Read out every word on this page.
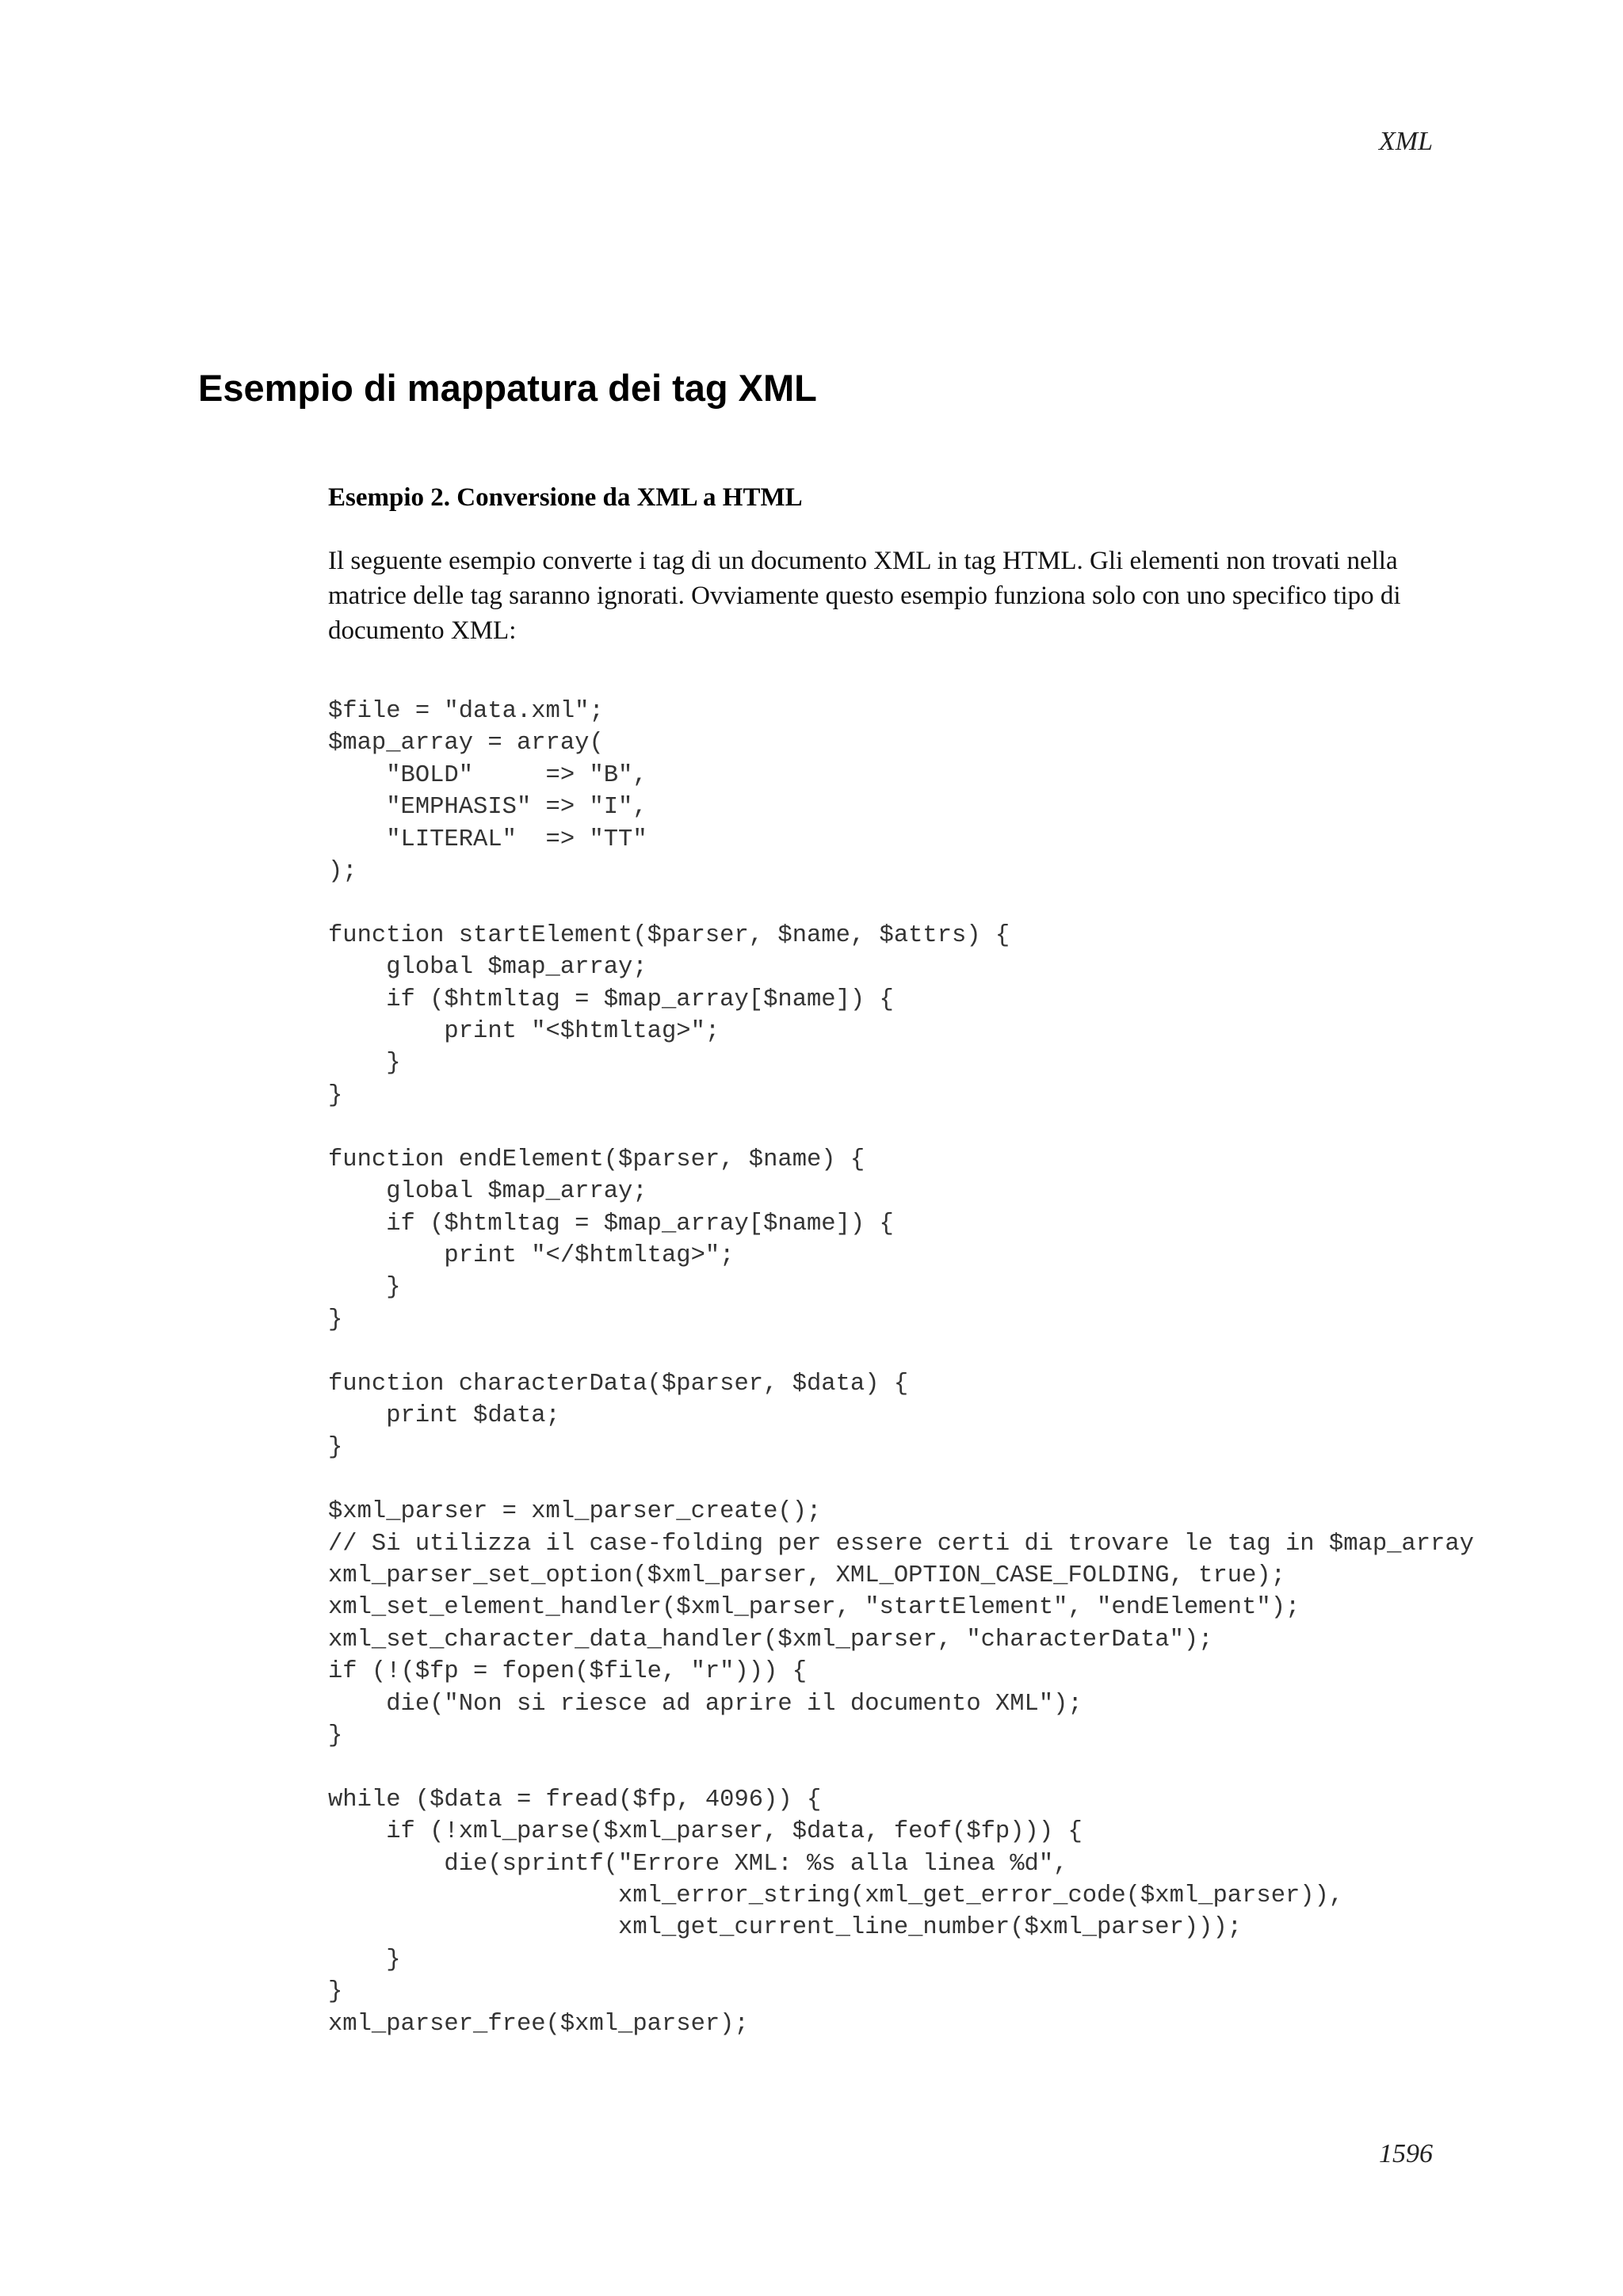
XML
Esempio di mappatura dei tag XML

Esempio 2. Conversione da XML a HTML

Il seguente esempio converte i tag di un documento XML in tag HTML. Gli elementi non trovati nella matrice delle tag saranno ignorati. Ovviamente questo esempio funziona solo con uno specifico tipo di documento XML:

$file = "data.xml";
$map_array = array(
"BOLD"     => "B",
"EMPHASIS" => "I",
"LITERAL"  => "TT"
);

function startElement($parser, $name, $attrs) {
global $map_array;
if ($htmltag = $map_array[$name]) {
print "<$htmltag>";
}
}

function endElement($parser, $name) {
global $map_array;
if ($htmltag = $map_array[$name]) {
print "</$htmltag>";
}
}

function characterData($parser, $data) {
print $data;
}

$xml_parser = xml_parser_create();
// Si utilizza il case-folding per essere certi di trovare le tag in $map_array
xml_parser_set_option($xml_parser, XML_OPTION_CASE_FOLDING, true);
xml_set_element_handler($xml_parser, "startElement", "endElement");
xml_set_character_data_handler($xml_parser, "characterData");
if (!($fp = fopen($file, "r"))) {
die("Non si riesce ad aprire il documento XML");
}

while ($data = fread($fp, 4096)) {
if (!xml_parse($xml_parser, $data, feof($fp))) {
die(sprintf("Errore XML: %s alla linea %d",
xml_error_string(xml_get_error_code($xml_parser)),
xml_get_current_line_number($xml_parser)));
}
}
xml_parser_free($xml_parser);
1596
